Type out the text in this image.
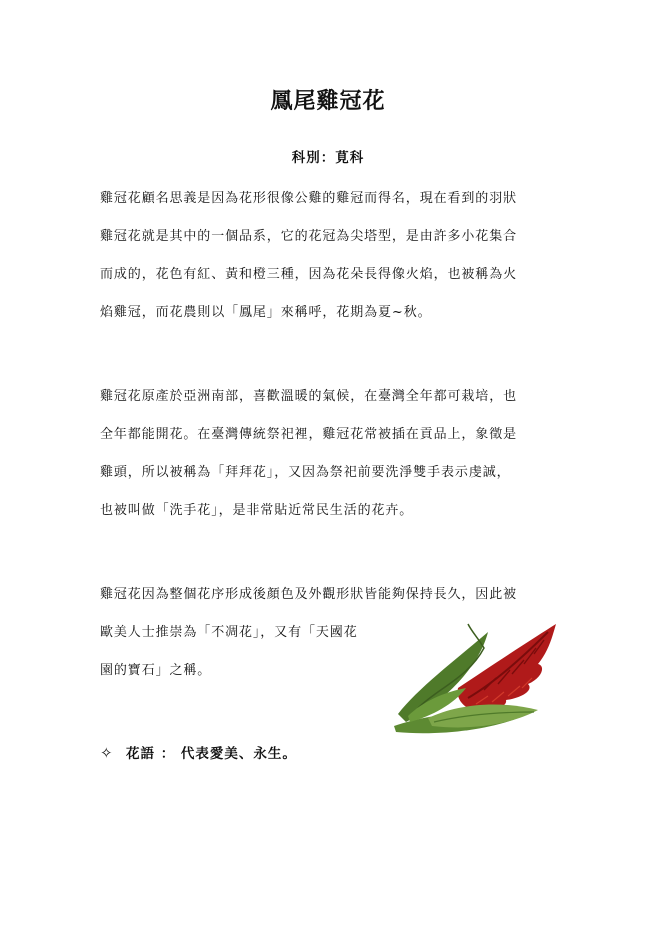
鳳尾雞冠花
科別：莧科
雞冠花顧名思義是因為花形很像公雞的雞冠而得名，現在看到的羽狀
雞冠花就是其中的一個品系，它的花冠為尖塔型，是由許多小花集合
而成的，花色有紅、黃和橙三種，因為花朵長得像火焰，也被稱為火
焰雞冠，而花農則以「鳳尾」來稱呼，花期為夏~秋。
雞冠花原產於亞洲南部，喜歡溫暖的氣候，在臺灣全年都可栽培，也
全年都能開花。在臺灣傳統祭祀裡，雞冠花常被插在貢品上，象徵是
雞頭，所以被稱為「拜拜花」，又因為祭祀前要洗淨雙手表示虔誠，
也被叫做「洗手花」，是非常貼近常民生活的花卉。
雞冠花因為整個花序形成後顏色及外觀形狀皆能夠保持長久，因此被
歐美人士推崇為「不凋花」，又有「天國花
園的寶石」之稱。
✧ 花語 ： 代表愛美、永生。
